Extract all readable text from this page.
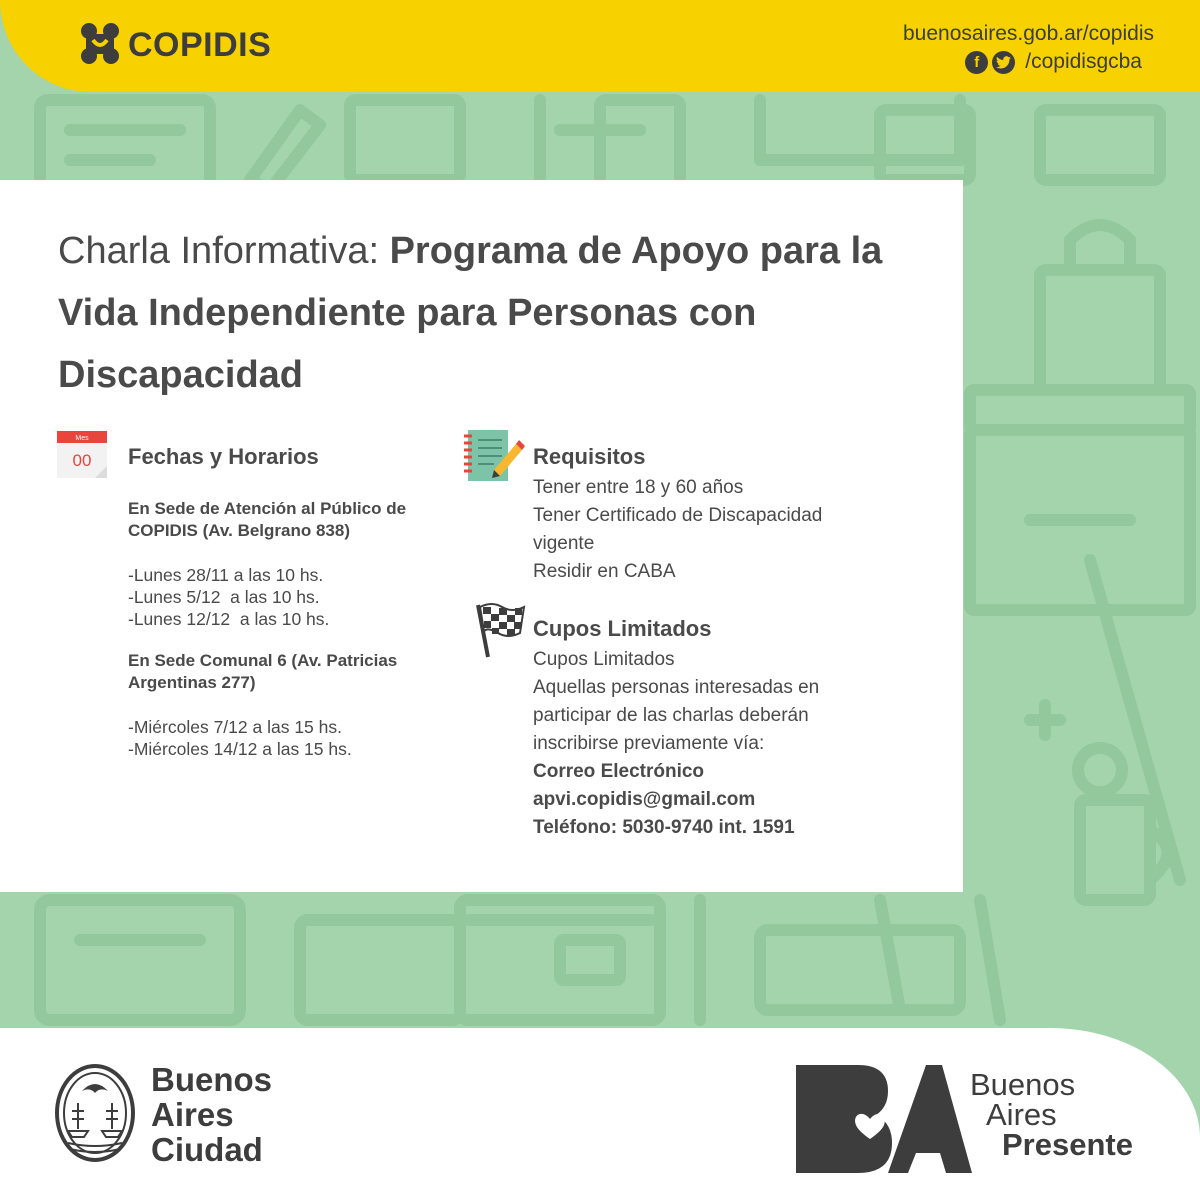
COPIDIS	buenosaires.gob.ar/copidis
f	/copidisgcba
Charla Informativa: Programa de Apoyo para la Vida Independiente para Personas con Discapacidad
Mes
00 Fechas y Horarios
En Sede de Atención al Público de COPIDIS (Av. Belgrano 838)
-Lunes 28/11 a las 10 hs.
-Lunes 5/12  a las 10 hs.
-Lunes 12/12  a las 10 hs.
En Sede Comunal 6 (Av. Patricias Argentinas 277)
-Miércoles 7/12 a las 15 hs.
-Miércoles 14/12 a las 15 hs.
Requisitos
Tener entre 18 y 60 años
Tener Certificado de Discapacidad vigente
Residir en CABA
Cupos Limitados
Cupos Limitados
Aquellas personas interesadas en participar de las charlas deberán inscribirse previamente vía:
Correo Electrónico
apvi.copidis@gmail.com
Teléfono: 5030-9740 int. 1591
Buenos
Aires
Ciudad
Buenos
Aires
Presente
